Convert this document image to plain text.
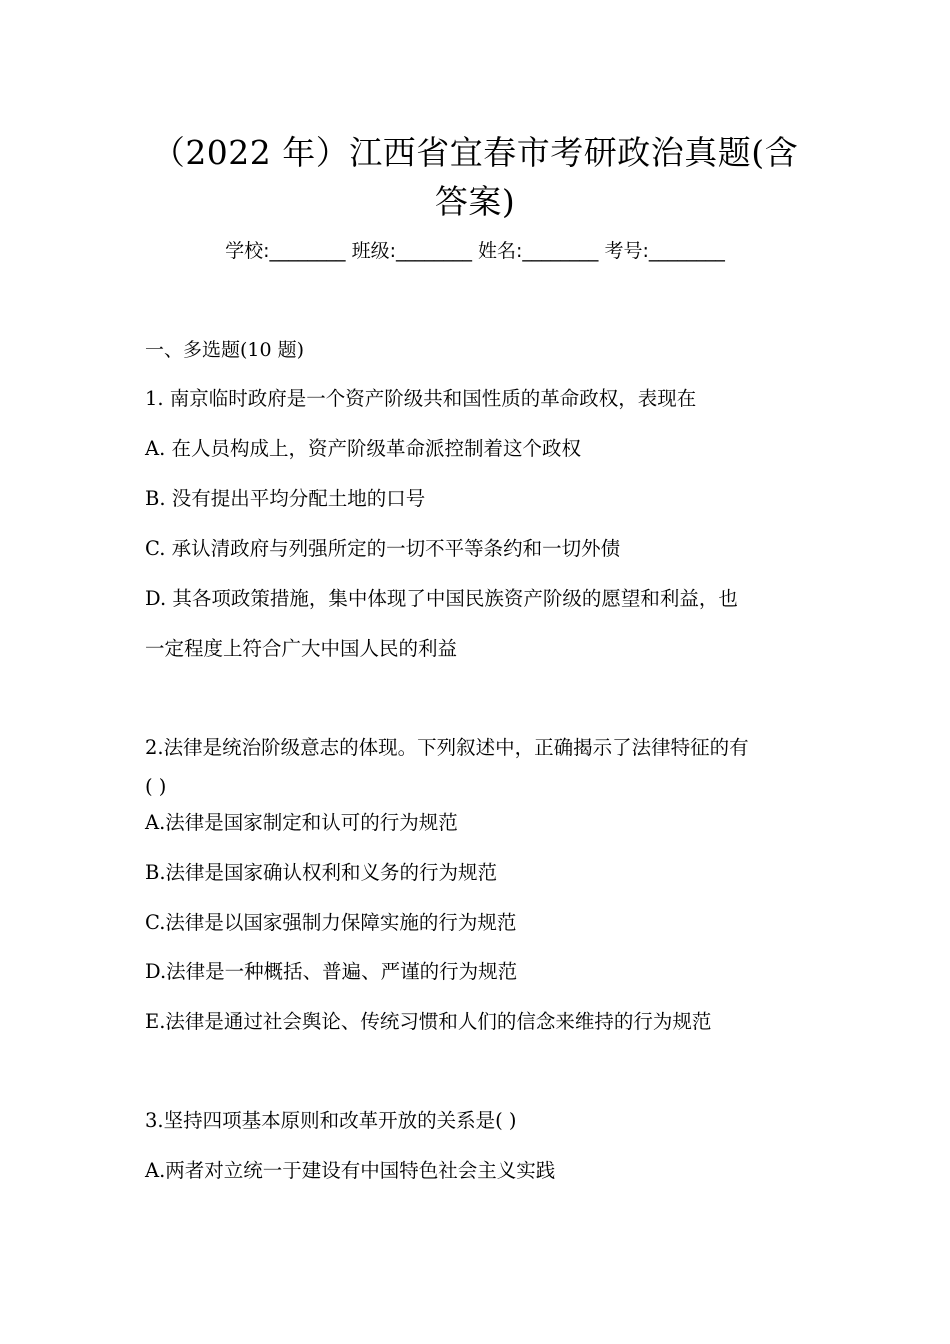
（2022 年）江西省宜春市考研政治真题(含
答案)
学校:________ 班级:________ 姓名:________ 考号:________
一、多选题(10 题)
1. 南京临时政府是一个资产阶级共和国性质的革命政权，表现在
A. 在人员构成上，资产阶级革命派控制着这个政权
B. 没有提出平均分配土地的口号
C. 承认清政府与列强所定的一切不平等条约和一切外债
D. 其各项政策措施，集中体现了中国民族资产阶级的愿望和利益，也
一定程度上符合广大中国人民的利益
2.法律是统治阶级意志的体现。下列叙述中，正确揭示了法律特征的有
( )
A.法律是国家制定和认可的行为规范
B.法律是国家确认权利和义务的行为规范
C.法律是以国家强制力保障实施的行为规范
D.法律是一种概括、普遍、严谨的行为规范
E.法律是通过社会舆论、传统习惯和人们的信念来维持的行为规范
3.坚持四项基本原则和改革开放的关系是( )
A.两者对立统一于建设有中国特色社会主义实践
